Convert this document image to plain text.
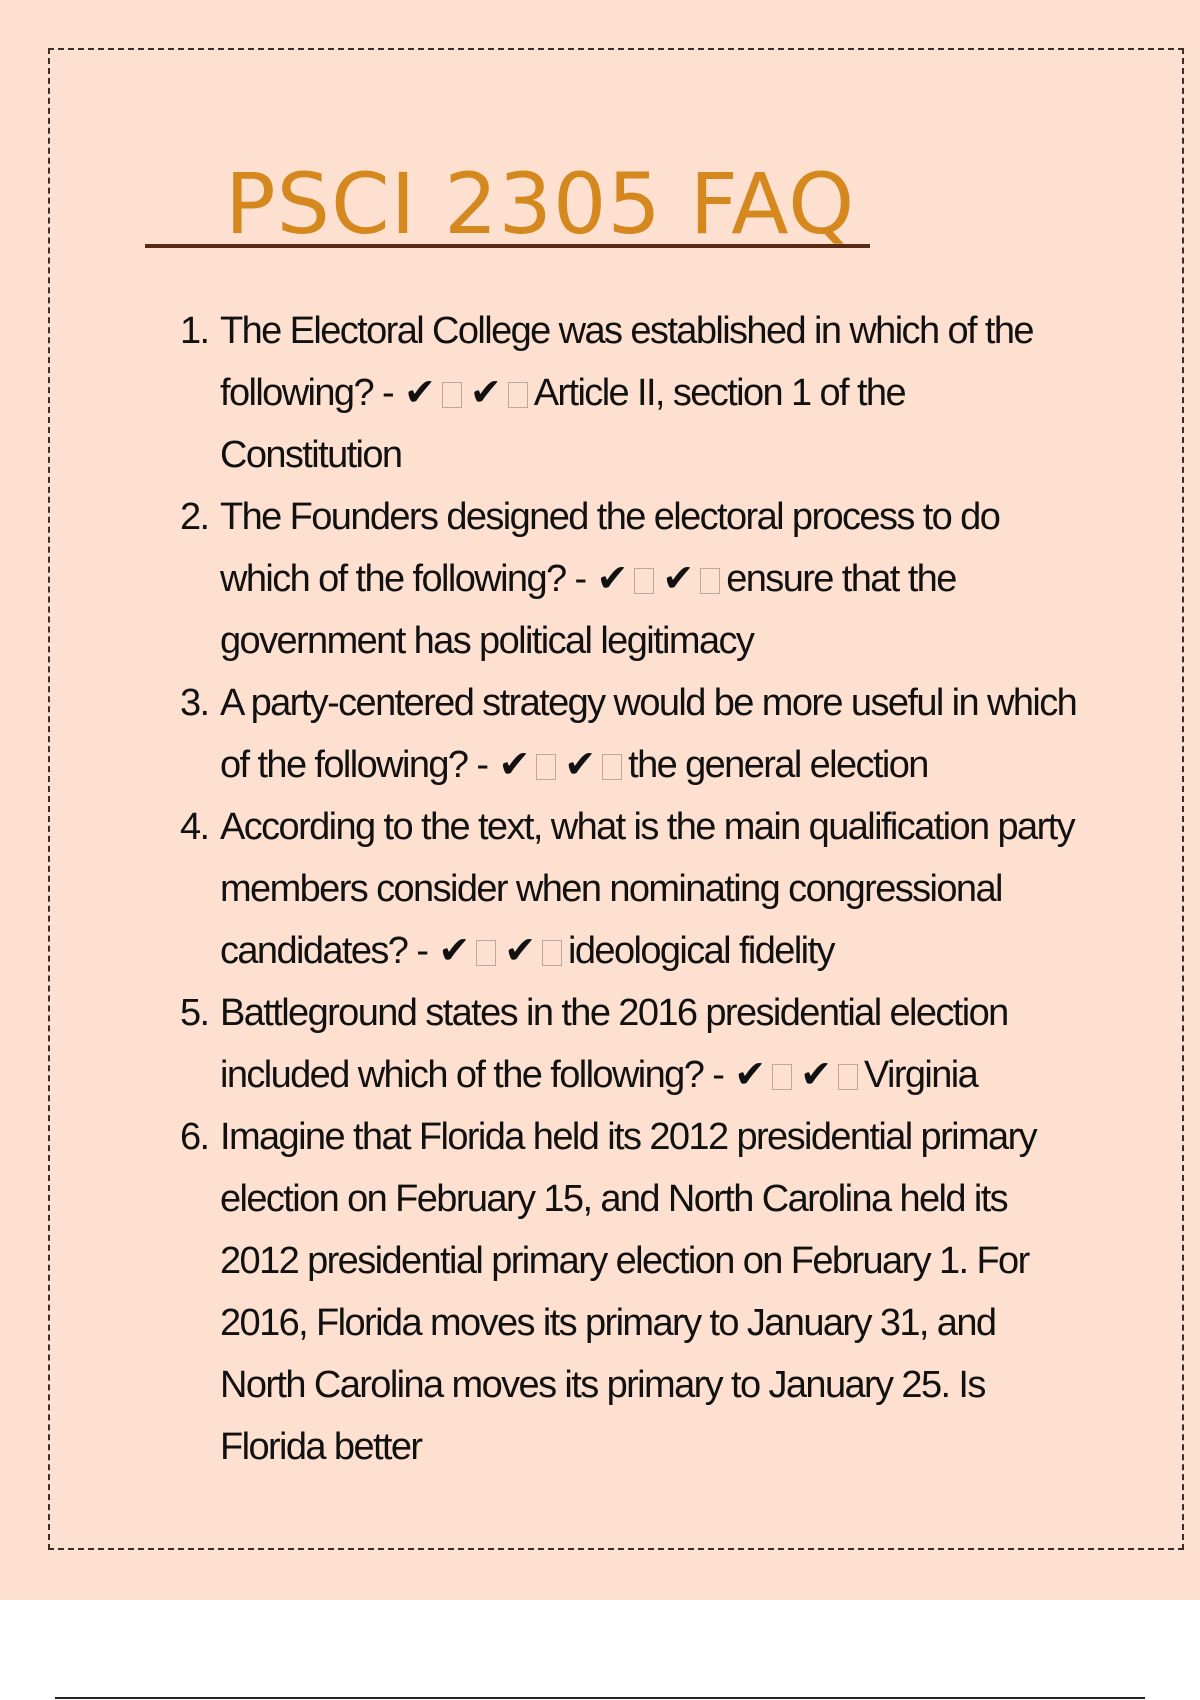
PSCI 2305 FAQ
1. The Electoral College was established in which of the following? - ✔ ✔ Article II, section 1 of the Constitution
2. The Founders designed the electoral process to do which of the following? - ✔ ✔ ensure that the government has political legitimacy
3. A party-centered strategy would be more useful in which of the following? - ✔ ✔ the general election
4. According to the text, what is the main qualification party members consider when nominating congressional candidates? - ✔ ✔ ideological fidelity
5. Battleground states in the 2016 presidential election included which of the following? - ✔ ✔ Virginia
6. Imagine that Florida held its 2012 presidential primary election on February 15, and North Carolina held its 2012 presidential primary election on February 1. For 2016, Florida moves its primary to January 31, and North Carolina moves its primary to January 25. Is Florida better
